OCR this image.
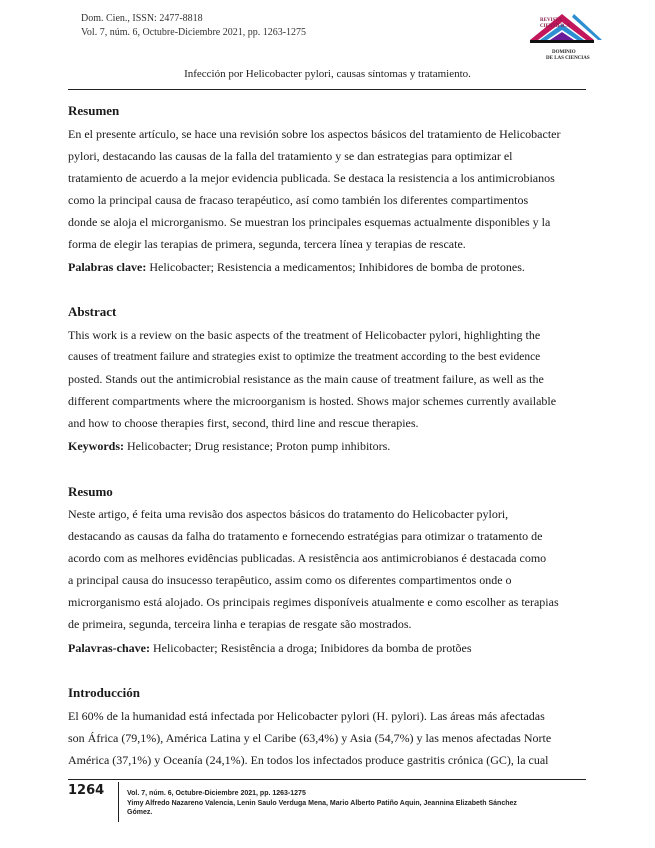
Dom. Cien., ISSN: 2477-8818
Vol. 7, núm. 6, Octubre-Diciembre 2021, pp. 1263-1275
REVISTA
CIENTÍFICA
DOMINIO
DE LAS CIENCIAS
Infección por Helicobacter pylori, causas síntomas y tratamiento.
Resumen
En el presente artículo, se hace una revisión sobre los aspectos básicos del tratamiento de Helicobacter
pylori, destacando las causas de la falla del tratamiento y se dan estrategias para optimizar el
tratamiento de acuerdo a la mejor evidencia publicada. Se destaca la resistencia a los antimicrobianos
como la principal causa de fracaso terapéutico, así como también los diferentes compartimentos
donde se aloja el microrganismo. Se muestran los principales esquemas actualmente disponibles y la
forma de elegir las terapias de primera, segunda, tercera línea y terapias de rescate.
Palabras clave: Helicobacter; Resistencia a medicamentos; Inhibidores de bomba de protones.
Abstract
This work is a review on the basic aspects of the treatment of Helicobacter pylori, highlighting the
causes of treatment failure and strategies exist to optimize the treatment according to the best evidence
posted. Stands out the antimicrobial resistance as the main cause of treatment failure, as well as the
different compartments where the microorganism is hosted. Shows major schemes currently available
and how to choose therapies first, second, third line and rescue therapies.
Keywords: Helicobacter; Drug resistance; Proton pump inhibitors.
Resumo
Neste artigo, é feita uma revisão dos aspectos básicos do tratamento do Helicobacter pylori,
destacando as causas da falha do tratamento e fornecendo estratégias para otimizar o tratamento de
acordo com as melhores evidências publicadas. A resistência aos antimicrobianos é destacada como
a principal causa do insucesso terapêutico, assim como os diferentes compartimentos onde o
microrganismo está alojado. Os principais regimes disponíveis atualmente e como escolher as terapias
de primeira, segunda, terceira linha e terapias de resgate são mostrados.
Palavras-chave: Helicobacter; Resistência a droga; Inibidores da bomba de protões
Introducción
El 60% de la humanidad está infectada por Helicobacter pylori (H. pylori). Las áreas más afectadas
son África (79,1%), América Latina y el Caribe (63,4%) y Asia (54,7%) y las menos afectadas Norte
América (37,1%) y Oceanía (24,1%). En todos los infectados produce gastritis crónica (GC), la cual
1264	Vol. 7, núm. 6, Octubre-Diciembre 2021, pp. 1263-1275
Yimy Alfredo Nazareno Valencia, Lenin Saulo Verduga Mena, Mario Alberto Patiño Aquin, Jeannina Elizabeth Sánchez
Gómez.
